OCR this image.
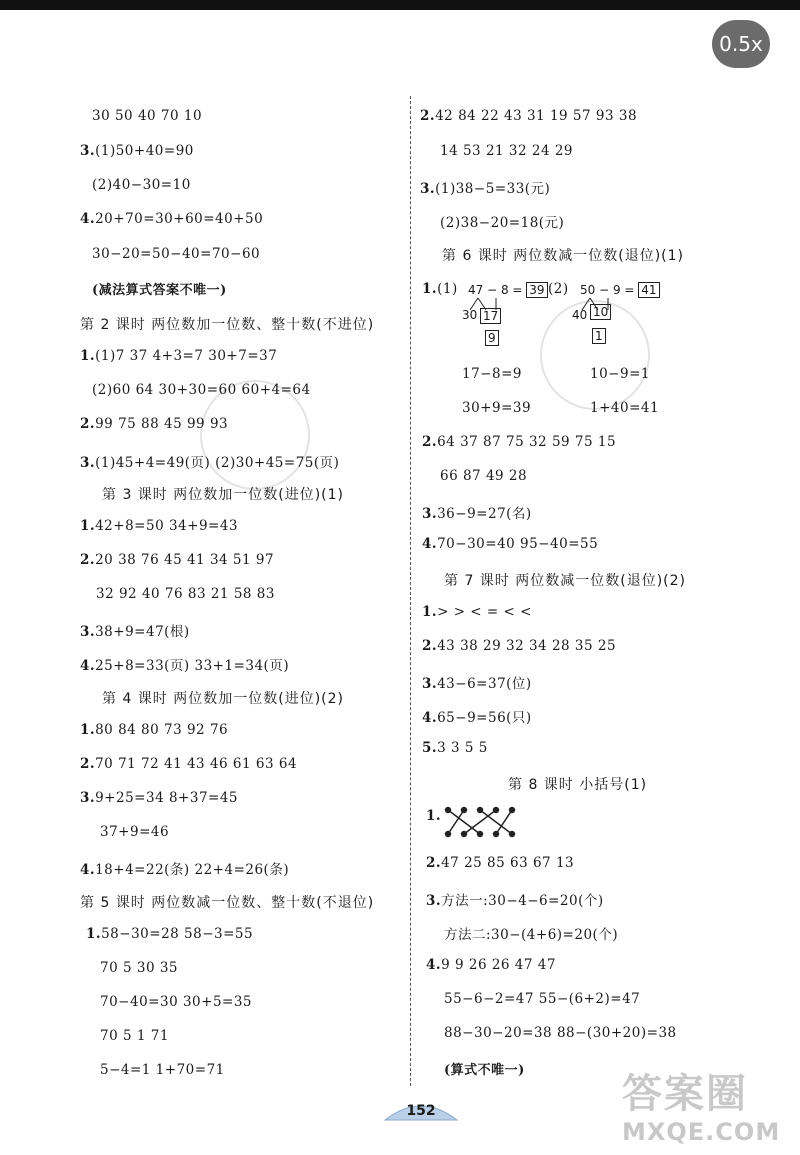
0.5x
30 50 40 70 10
3.(1)50+40=90
(2)40−30=10
4.20+70=30+60=40+50
30−20=50−40=70−60
(减法算式答案不唯一)
第 2 课时 两位数加一位数、整十数(不进位)
1.(1)7 37 4+3=7 30+7=37
(2)60 64 30+30=60 60+4=64
2.99 75 88 45 99 93
3.(1)45+4=49(页) (2)30+45=75(页)
第 3 课时 两位数加一位数(进位)(1)
1.42+8=50 34+9=43
2.20 38 76 45 41 34 51 97
32 92 40 76 83 21 58 83
3.38+9=47(根)
4.25+8=33(页) 33+1=34(页)
第 4 课时 两位数加一位数(进位)(2)
1.80 84 80 73 92 76
2.70 71 72 41 43 46 61 63 64
3.9+25=34 8+37=45
37+9=46
4.18+4=22(条) 22+4=26(条)
第 5 课时 两位数减一位数、整十数(不退位)
1.58−30=28 58−3=55
70 5 30 35
70−40=30 30+5=35
70 5 1 71
5−4=1 1+70=71
2.42 84 22 43 31 19 57 93 38
14 53 21 32 24 29
3.(1)38−5=33(元)
(2)38−20=18(元)
第 6 课时 两位数减一位数(退位)(1)
1.(1)	(2)
47 − 8 = 39
30 17
9
50 − 9 = 41
40 10
1
17−8=9	10−9=1
30+9=39	1+40=41
2.64 37 87 75 32 59 75 15
66 87 49 28
3.36−9=27(名)
4.70−30=40 95−40=55
第 7 课时 两位数减一位数(退位)(2)
1.> > < = < <
2.43 38 29 32 34 28 35 25
3.43−6=37(位)
4.65−9=56(只)
5.3 3 5 5
第 8 课时 小括号(1)
1.
2.47 25 85 63 67 13
3.方法一:30−4−6=20(个)
方法二:30−(4+6)=20(个)
4.9 9 26 26 47 47
55−6−2=47 55−(6+2)=47
88−30−20=38 88−(30+20)=38
(算式不唯一)
152	答案圈
MXQE.COM
